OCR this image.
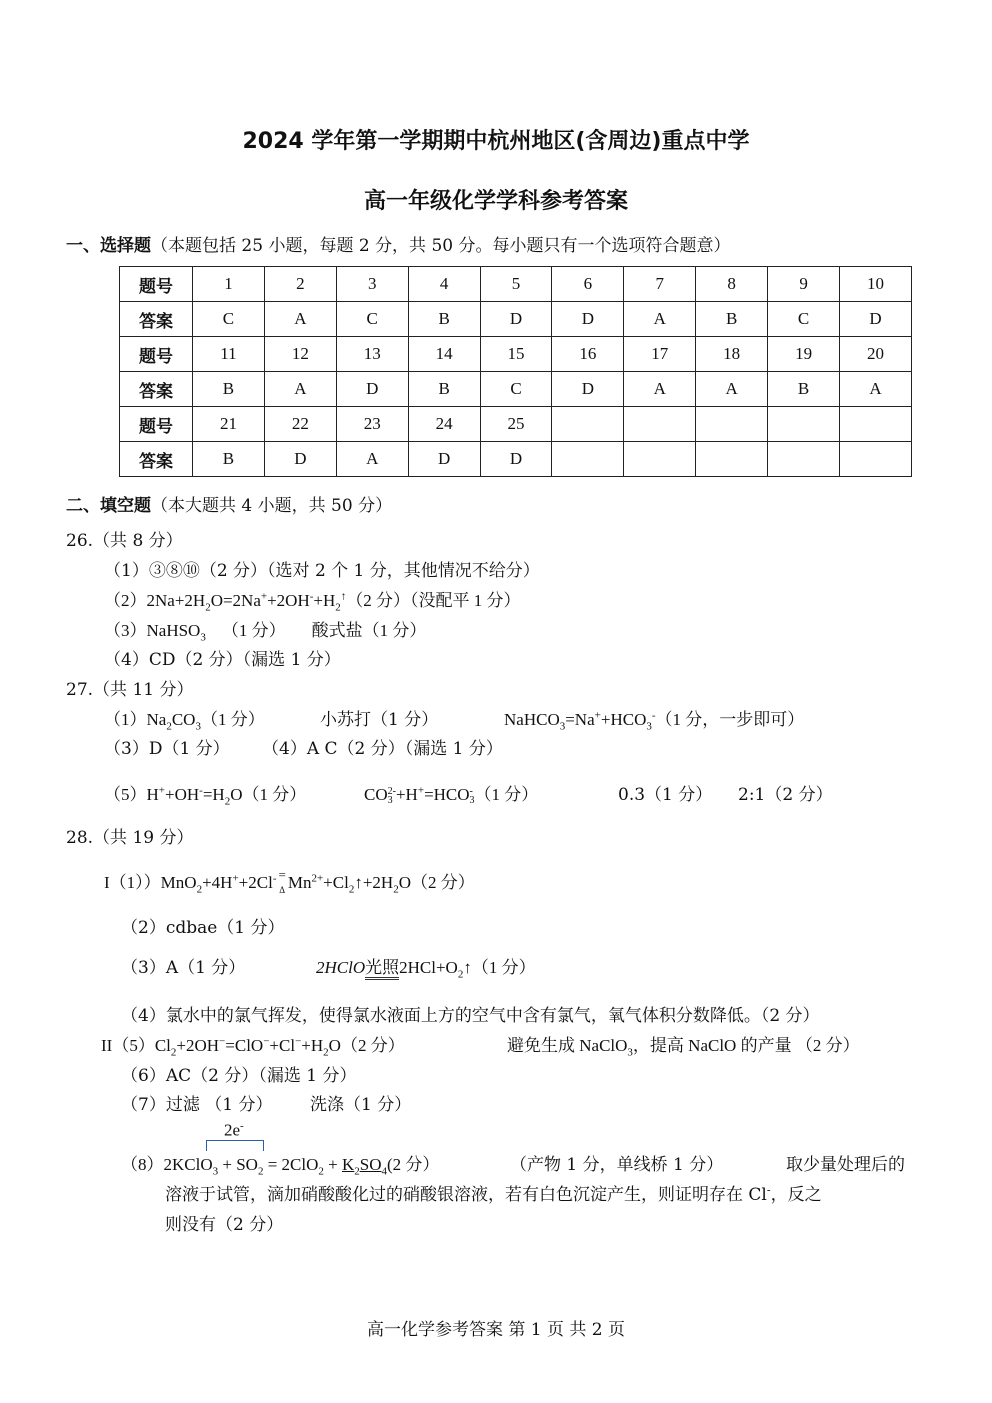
2024 学年第一学期期中杭州地区(含周边)重点中学
高一年级化学学科参考答案
一、选择题（本题包括 25 小题，每题 2 分，共 50 分。每小题只有一个选项符合题意）
题号	1	2	3	4	5	6	7	8	9	10
答案	C	A	C	B	D	D	A	B	C	D
题号	11	12	13	14	15	16	17	18	19	20
答案	B	A	D	B	C	D	A	A	B	A
题号	21	22	23	24	25					
答案	B	D	A	D	D					
二、填空题（本大题共 4 小题，共 50 分）
26.（共 8 分）
（1）③⑧⑩（2 分）（选对 2 个 1 分，其他情况不给分）
$(2)2Na+2H_2O=2Na^++2OH^-+H_2^↑(2$ 分）（没配平 1 分）
（3）NaHSO$_3$ （1 分） 酸式盐（1 分）
（4）CD（2 分）（漏选 1 分）
27.（共 11 分）
$(1)Na_2CO_3(1$ 分）	小苏打（1 分）	$NaHCO_3=Na^++HCO_3^-(1$ 分，一步即可）
（3）D（1 分） （4）A C（2 分）（漏选 1 分）
$(5)H^++OH^-=H_2O(1$ 分）	CO2-
3 +H+=HCO-
3（1 分）	0.3（1 分） 2:1（2 分）
28.（共 19 分）
I（1））MnO$_2$+4H++2Cl- =
Δ $Mn^{2+}+Cl_2↑+2H_2O(2$ 分）
（2）cdbae（1 分）
（3）A（1 分）	2HClO光照$2HCl+O_2↑(1$ 分）
（4）氯水中的氯气挥发，使得氯水液面上方的空气中含有氯气，氧气体积分数降低。（2 分）
$II(5)Cl_2+2OH^-=ClO^-+Cl^-+H_2O(2$ 分）	避免生成 NaClO$_3$，提高 NaClO 的产量 （2 分）
（6）AC（2 分）（漏选 1 分）
（7）过滤 （1 分） 洗涤（1 分）
2e-
（8）2KClO$_3$ + $SO_2 = 2ClO_2 + K_2SO_4(2$ 分）	（产物 1 分，单线桥 1 分）	取少量处理后的
溶液于试管，滴加硝酸酸化过的硝酸银溶液，若有白色沉淀产生，则证明存在 Cl-，反之
则没有（2 分）
高一化学参考答案 第 1 页 共 2 页
